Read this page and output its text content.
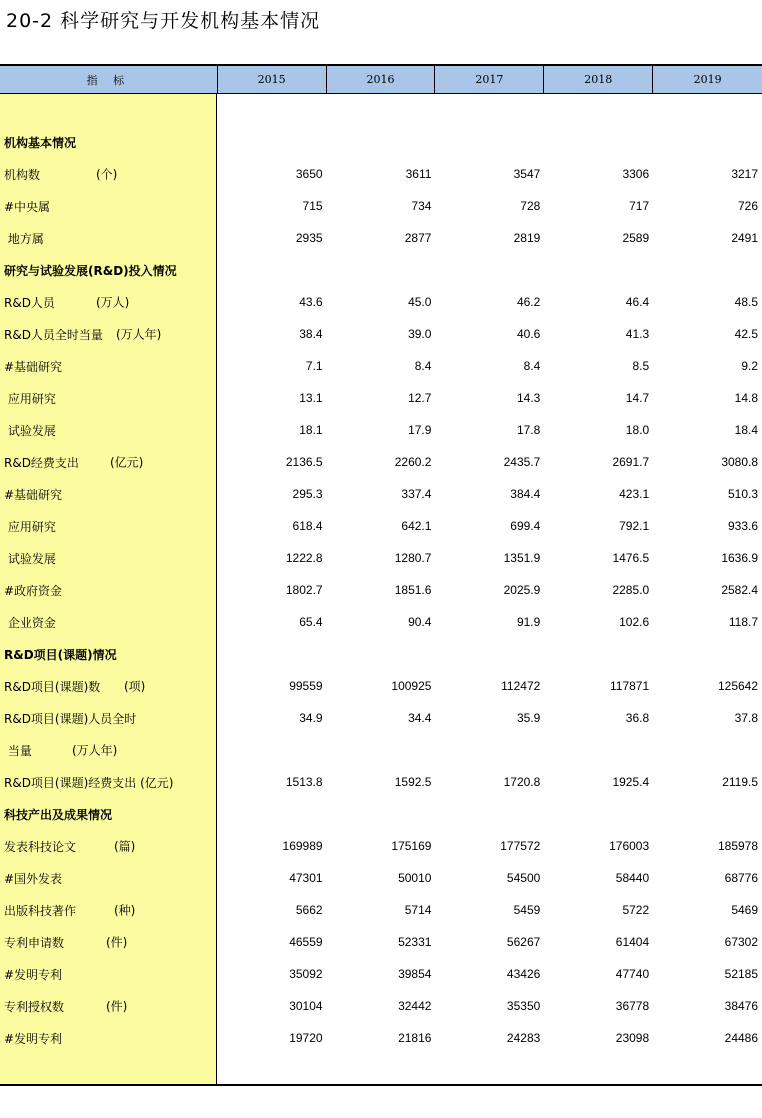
20-2 科学研究与开发机构基本情况
指 标	2015	2016	2017	2018	2019
机构基本情况
机构数	(个)	3650	3611	3547	3306	3217
#中央属	715	734	728	717	726
地方属	2935	2877	2819	2589	2491
研究与试验发展(R&D)投入情况
R&D人员	(万人)	43.6	45.0	46.2	46.4	48.5
R&D人员全时当量 (万人年)	38.4	39.0	40.6	41.3	42.5
#基础研究	7.1	8.4	8.4	8.5	9.2
应用研究	13.1	12.7	14.3	14.7	14.8
试验发展	18.1	17.9	17.8	18.0	18.4
R&D经费支出	(亿元)	2136.5	2260.2	2435.7	2691.7	3080.8
#基础研究	295.3	337.4	384.4	423.1	510.3
应用研究	618.4	642.1	699.4	792.1	933.6
试验发展	1222.8	1280.7	1351.9	1476.5	1636.9
#政府资金	1802.7	1851.6	2025.9	2285.0	2582.4
企业资金	65.4	90.4	91.9	102.6	118.7
R&D项目(课题)情况
R&D项目(课题)数 (项)	99559	100925	112472	117871	125642
R&D项目(课题)人员全时	34.9	34.4	35.9	36.8	37.8
当量	(万人年)
R&D项目(课题)经费支出 (亿元)	1513.8	1592.5	1720.8	1925.4	2119.5
科技产出及成果情况
发表科技论文	(篇)	169989	175169	177572	176003	185978
#国外发表	47301	50010	54500	58440	68776
出版科技著作	(种)	5662	5714	5459	5722	5469
专利申请数	(件)	46559	52331	56267	61404	67302
#发明专利	35092	39854	43426	47740	52185
专利授权数	(件)	30104	32442	35350	36778	38476
#发明专利	19720	21816	24283	23098	24486
